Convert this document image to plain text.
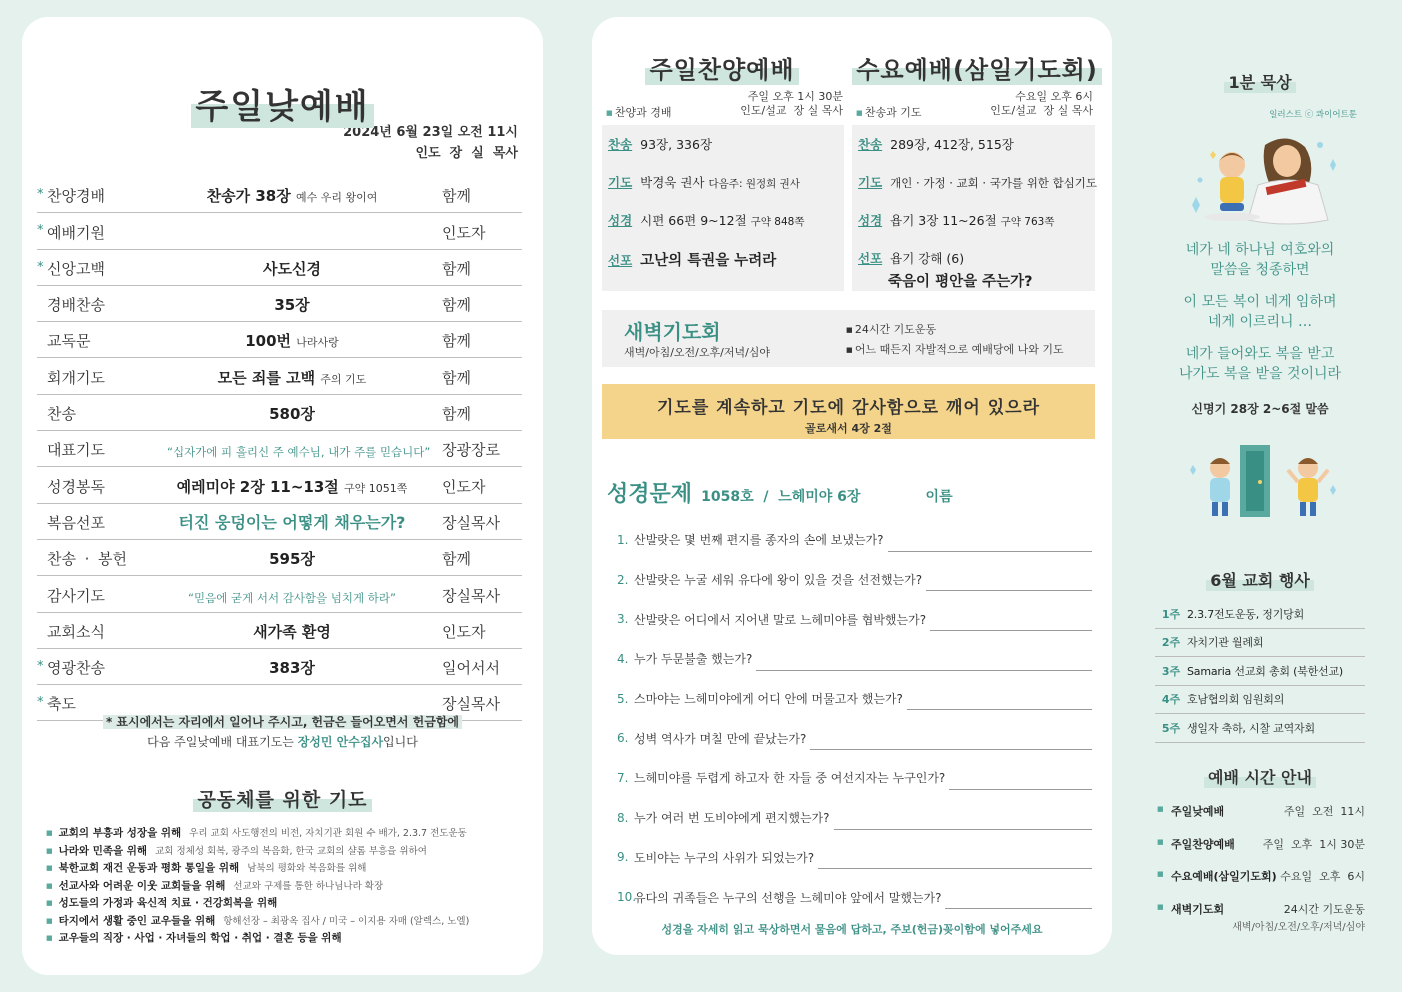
주일낮예배
2024년 6월 23일 오전 11시
인도  장  실  목사
* 찬양경배	찬송가 38장 예수 우리 왕이여	함께
* 예배기원	인도자
* 신앙고백	사도신경	함께
경배찬송	35장	함께
교독문	100번 나라사랑	함께
회개기도	모든 죄를 고백 주의 기도	함께
찬송	580장	함께
대표기도	“십자가에 피 흘리신 주 예수님, 내가 주를 믿습니다” 장광장로
성경봉독	예레미야 2장 11~13절 구약 1051쪽	인도자
복음선포	터진 웅덩이는 어떻게 채우는가?	장실목사
찬송 · 봉헌	595장	함께
감사기도	“믿음에 굳게 서서 감사함을 넘치게 하라”	장실목사
교회소식	새가족 환영	인도자
* 영광찬송	383장	일어서서
* 축도	장실목사
* 표시에서는 자리에서 일어나 주시고, 헌금은 들어오면서 헌금함에
다음 주일낮예배 대표기도는 장성민 안수집사입니다
공동체를 위한 기도
■ 교회의 부흥과 성장을 위해 우리 교회 사도행전의 비전, 자치기관 회원 수 배가, 2.3.7 전도운동
■ 나라와 민족을 위해 교회 정체성 회복, 광주의 복음화, 한국 교회의 샬롬 부흥을 위하여
■ 북한교회 재건 운동과 평화 통일을 위해 남북의 평화와 복음화를 위해
■ 선교사와 어려운 이웃 교회들을 위해 선교와 구제를 통한 하나님나라 확장
■ 성도들의 가정과 육신적 치료 · 건강회복을 위해
■ 타지에서 생활 중인 교우들을 위해 항해선장 – 최광옥 집사 / 미국 – 이지용 자매 (알렉스, 노엘)
■ 교우들의 직장 · 사업 · 자녀들의 학업 · 취업 · 결혼 등을 위해
주일찬양예배	수요예배(삼일기도회)
■ 찬양과 경배
주일 오후 1시 30분
인도/설교  장 실 목사
■	찬송과 기도
수요일 오후 6시
인도/설교  장 실 목사
찬송 93장, 336장
기도 박경욱 권사 다음주: 원정희 권사
성경 시편 66편 9~12절 구약 848쪽
선포 고난의 특권을 누려라
찬송 289장, 412장, 515장
기도 개인 · 가정 · 교회 · 국가를 위한 합심기도
성경 욥기 3장 11~26절 구약 763쪽
선포 욥기 강해 (6)
죽음이 평안을 주는가?
새벽기도회
새벽/아침/오전/오후/저녁/심야
■ 24시간 기도운동
■ 어느 때든지 자발적으로 예배당에 나와 기도
기도를 계속하고 기도에 감사함으로 깨어 있으라
골로새서 4장 2절
성경문제 1058호  /  느헤미야 6장	이름
1. 산발랏은 몇 번째 편지를 종자의 손에 보냈는가?
2. 산발랏은 누굴 세워 유다에 왕이 있을 것을 선전했는가?
3. 산발랏은 어디에서 지어낸 말로 느헤미야를 협박했는가?
4. 누가 두문불출 했는가?
5. 스마야는 느헤미야에게 어디 안에 머물고자 했는가?
6. 성벽 역사가 며칠 만에 끝났는가?
7. 느헤미야를 두렵게 하고자 한 자들 중 여선지자는 누구인가?
8. 누가 여러 번 도비야에게 편지했는가?
9. 도비야는 누구의 사위가 되었는가?
10.
유다의 귀족들은 누구의 선행을 느헤미야 앞에서 말했는가?
성경을 자세히 읽고 묵상하면서 물음에 답하고, 주보(헌금)꽂이함에 넣어주세요
1분 묵상
일러스트 ⓒ 콰이어트툰

네가 네 하나님 여호와의
말씀을 청종하면

이 모든 복이 네게 임하며
네게 이르리니 …

네가 들어와도 복을 받고
나가도 복을 받을 것이니라

신명기 28장 2~6절 말씀
6월 교회 행사
1주 2.3.7전도운동, 정기당회
2주 자치기관 월례회
3주 Samaria 선교회 총회 (북한선교)
4주 호남협의회 임원회의
5주 생일자 축하, 시찰 교역자회
예배 시간 안내
■ 주일낮예배	주일  오전  11시
■ 주일찬양예배	주일  오후  1시 30분
■ 수요예배(삼일기도회) 수요일  오후  6시
■ 새벽기도회	24시간 기도운동
새벽/아침/오전/오후/저녁/심야
